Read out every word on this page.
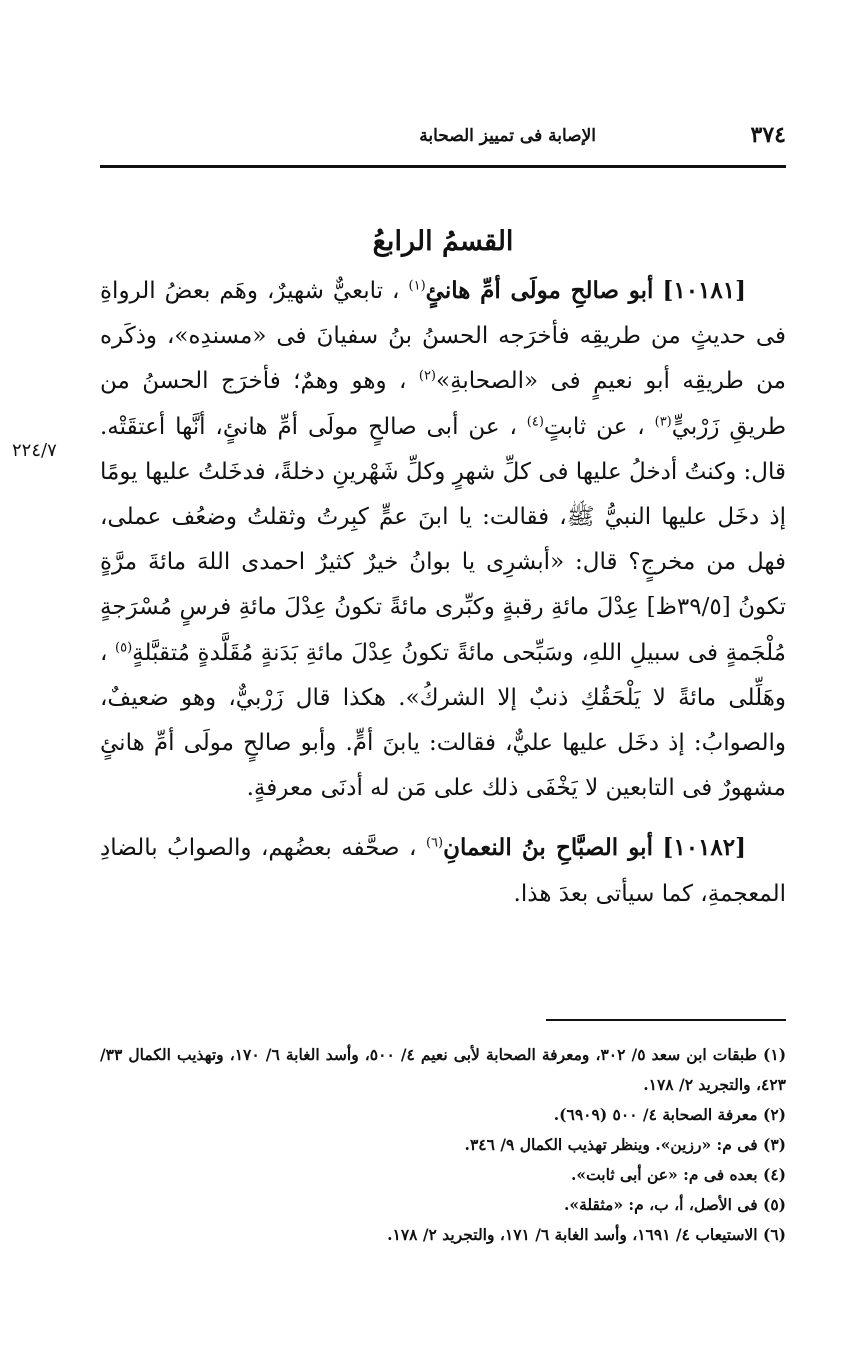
٣٧٤
الإصابة فى تمييز الصحابة
القسمُ الرابعُ
٢٢٤/٧

[١٠١٨١] أبو صالحِ مولَى أمِّ هانئٍ$^{(١)}$ ، تابعيٌّ شهيرٌ، وهَم بعضُ الرواةِ فى حديثٍ من طريقِه فأخرَجه الحسنُ بنُ سفيانَ فى «مسندِه»، وذكَره من طريقِه أبو نعيمٍ فى «الصحابةِ»$^{(٢)}$ ، وهو وهمٌ؛ فأخرَج الحسنُ من طريقِ زَرْبيٍّ$^{(٣)}$ ، عن ثابتٍ$^{(٤)}$ ، عن أبى صالحٍ مولَى أمِّ هانئٍ، أنَّها أعتقَتْه. قال: وكنتُ أدخلُ عليها فى كلِّ شهرٍ وكلِّ شَهْرينِ دخلةً، فدخَلتُ عليها يومًا إذ دخَل عليها النبيُّ ﷺ، فقالت: يا ابنَ عمٍّ كبِرتُ وثقلتُ وضعُف عملى، فهل من مخرجٍ؟ قال: «أبشرِى يا بوانُ خيرٌ كثيرٌ احمدى اللهَ مائةَ مرَّةٍ تكونُ [٣٩/٥ظ] عِدْلَ مائةِ رقبةٍ وكبِّرى مائةً تكونُ عِدْلَ مائةِ فرسٍ مُسْرَجةٍ مُلْجَمةٍ فى سبيلِ اللهِ، وسَبِّحى مائةً تكونُ عِدْلَ مائةِ بَدَنةٍ مُقَلَّدةٍ مُتقبَّلةٍ$^{(٥)}$ ، وهَلِّلى مائةً لا يَلْحَقُكِ ذنبٌ إلا الشركُ». هكذا قال زَرْبيٌّ، وهو ضعيفٌ، والصوابُ: إذ دخَل عليها عليٌّ، فقالت: يابنَ أمٍّ. وأبو صالحٍ مولَى أمِّ هانئٍ مشهورٌ فى التابعين لا يَخْفَى ذلك على مَن له أدنَى معرفةٍ.

[١٠١٨٢] أبو الصبَّاحِ بنُ النعمانِ$^{(٦)}$ ، صحَّفه بعضُهم، والصوابُ بالضادِ المعجمةِ، كما سيأتى بعدَ هذا.

(١) طبقات ابن سعد ٥/ ٣٠٢، ومعرفة الصحابة لأبى نعيم ٤/ ٥٠٠، وأسد الغابة ٦/ ١٧٠، وتهذيب الكمال ٣٣/ ٤٢٣، والتجريد ٢/ ١٧٨.

(٢) معرفة الصحابة ٤/ ٥٠٠ (٦٩٠٩).

(٣) فى م: «رزين». وينظر تهذيب الكمال ٩/ ٣٤٦.

(٤) بعده فى م: «عن أبى ثابت».

(٥) فى الأصل، أ، ب، م: «مثقلة».

(٦) الاستيعاب ٤/ ١٦٩١، وأسد الغابة ٦/ ١٧١، والتجريد ٢/ ١٧٨.
